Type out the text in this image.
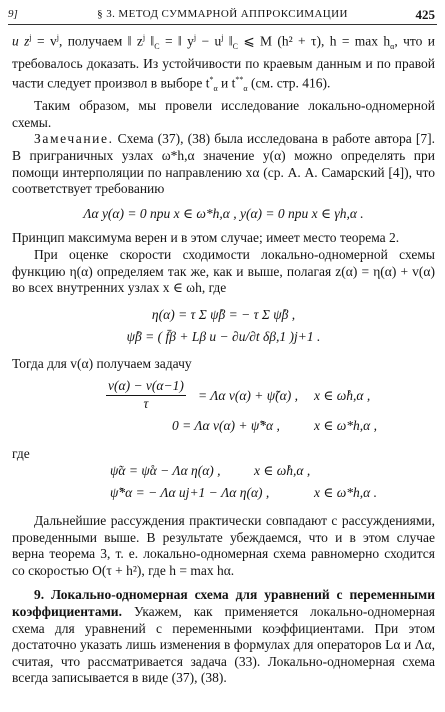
9]	§ 3. МЕТОД СУММАРНОЙ АППРОКСИМАЦИИ	425

и $z^j = v^j$, получаем ‖ $z^j$ $‖_C$ = ‖ $y^j - u^j$ $‖_C$ ⩽ M (h² + τ), $h = \max h_\alpha$, что и требовалось доказать. Из устойчивости по краевым данным и по правой части следует произвол в выборе $t^*_\alpha$ и $t^{**}_\alpha$ (см. стр. 416).

Таким образом, мы провели исследование локально-одномерной схемы.

Замечание. Схема (37), (38) была исследована в работе автора [7]. В приграничных узлах ω*h,α значение y(α) можно определять при помощи интерполяции по направлению xα (ср. А. А. Самарский [4]), что соответствует требованию

Λα y(α) = 0 при x ∈ ω*h,α , y(α) = 0 при x ∈ γh,α .

Принцип максимума верен и в этом случае; имеет место теорема 2.

При оценке скорости сходимости локально-одномерной схемы функцию η(α) определяем так же, как и выше, полагая z(α) = η(α) + v(α) во всех внутренних узлах x ∈ ωh, где

η(α) = τ Σ ψ̊β = − τ Σ ψ̊β ,
ψ̊β = ( f̄β + Lβ u − ∂u/∂t δβ,1 )j+1 .

Тогда для v(α) получаем задачу

$\frac{v(\alpha) - v(\alpha-1)}{\tau} = \Lambda\alpha$ v(α) + ψ̃(α) , x ∈ ω̊h,α ,
0 = Λα v(α) + ψ̃*α ,	x ∈ ω*h,α ,

где

ψ̃α = ψ̊α − Λα η(α) , x ∈ ω̊h,α ,
ψ̃*α = − Λα uj+1 − Λα η(α) ,	x ∈ ω*h,α .

Дальнейшие рассуждения практически совпадают с рассуждениями, проведенными выше. В результате убеждаемся, что и в этом случае верна теорема 3, т. е. локально-одномерная схема равномерно сходится со скоростью O(τ + h²), где h = max hα.

9. Локально-одномерная схема для уравнений с переменными коэффициентами. Укажем, как применяется локально-одномерная схема для уравнений с переменными коэффициентами. При этом достаточно указать лишь изменения в формулах для операторов Lα и Λα, считая, что рассматривается задача (33). Локально-одномерная схема всегда записывается в виде (37), (38).
